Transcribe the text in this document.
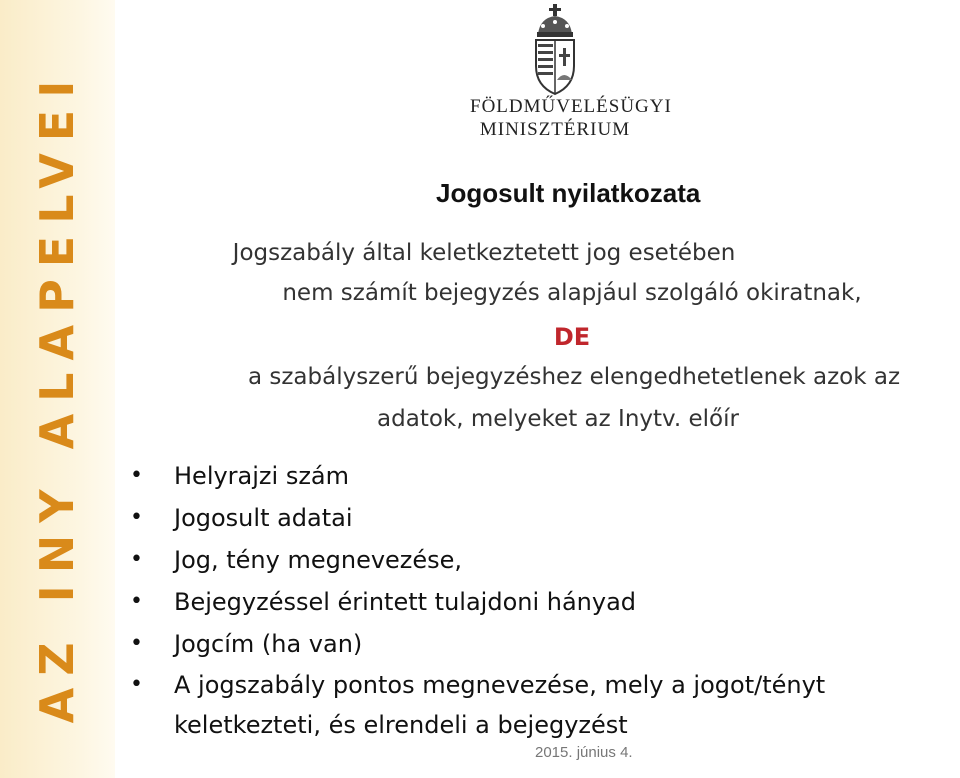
AZ INY ALAPELVEI	FÖLDMŰVELÉSÜGYI
MINISZTÉRIUM
Jogosult nyilatkozata
Jogszabály által keletkeztetett jog esetében
nem számít bejegyzés alapjául szolgáló okiratnak,
DE
a szabályszerű bejegyzéshez elengedhetetlenek azok az
adatok, melyeket az Inytv. előír
• Helyrajzi szám
• Jogosult adatai
• Jog, tény megnevezése,
• Bejegyzéssel érintett tulajdoni hányad
• Jogcím (ha van)
• A jogszabály pontos megnevezése, mely a jogot/tényt
keletkezteti, és elrendeli a bejegyzést
2015. június 4.
